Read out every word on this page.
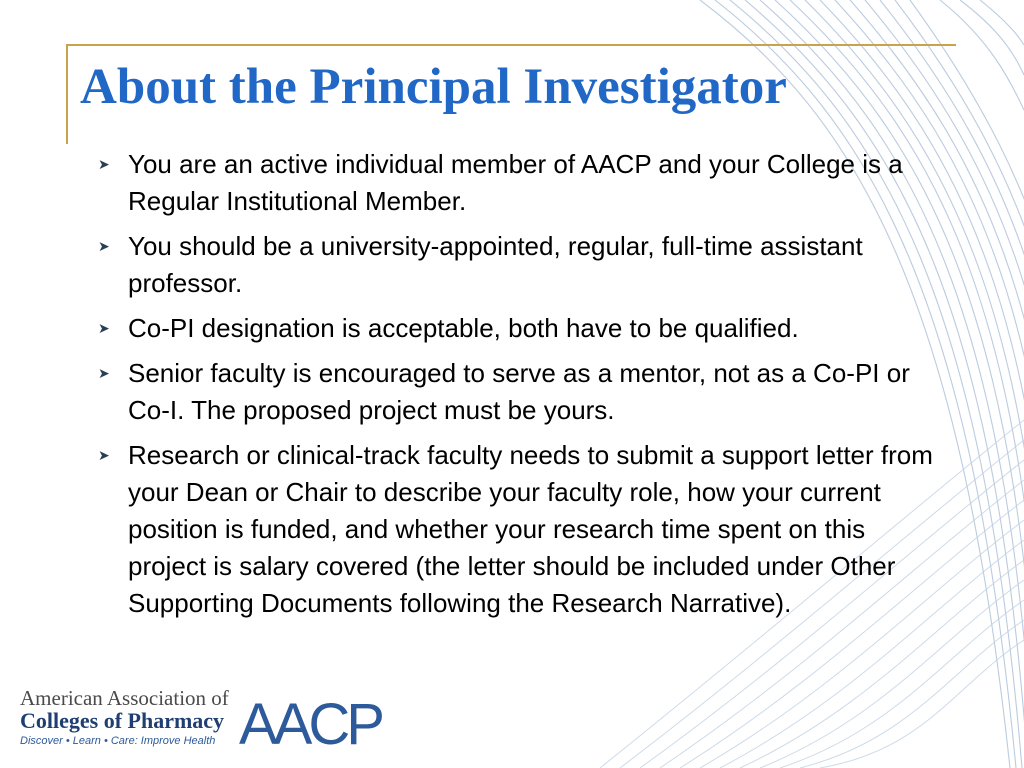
About the Principal Investigator
➤ You are an active individual member of AACP and your College is a Regular Institutional Member.
➤ You should be a university-appointed, regular, full-time assistant professor.
➤ Co-PI designation is acceptable, both have to be qualified.
➤ Senior faculty is encouraged to serve as a mentor, not as a Co-PI or Co-I. The proposed project must be yours.
➤ Research or clinical-track faculty needs to submit a support letter from your Dean or Chair to describe your faculty role, how your current position is funded, and whether your research time spent on this project is salary covered (the letter should be included under Other Supporting Documents following the Research Narrative).
American Association of
Colleges of Pharmacy
Discover • Learn • Care: Improve Health AACP
